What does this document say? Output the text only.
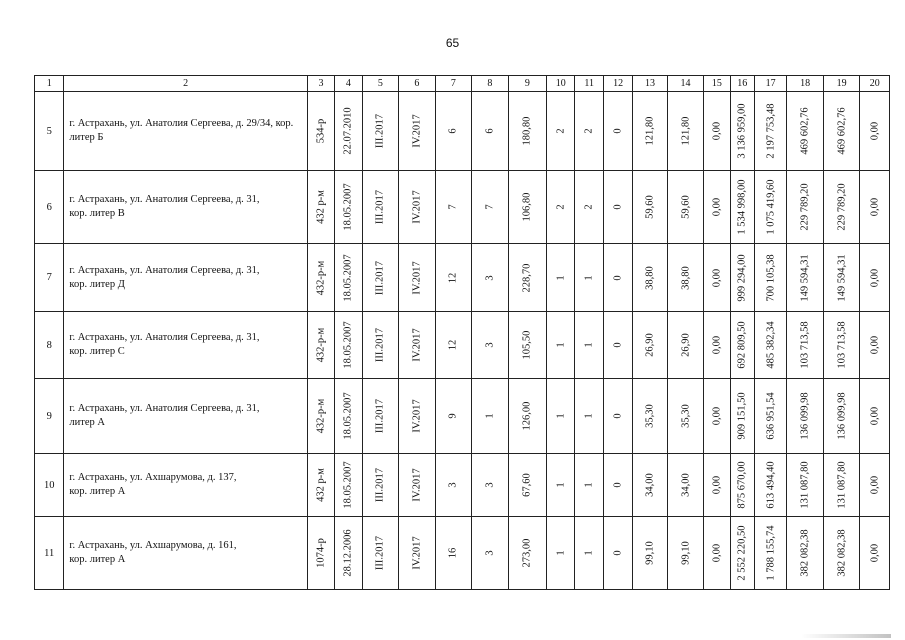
65
1	2	3	4	5	6	7	8	9	10	11	12	13	14	15	16	17	18	19	20
5	г. Астрахань, ул. Анатолия Сергеева, д. 29/34, кор.
литер Б	534-р	22.07.2010	III.2017	IV.2017	6	6	180,80	2	2	0	121,80	121,80	0,00	3 136 959,00	2 197 753,48	469 602,76	469 602,76	0,00

6	г. Астрахань, ул. Анатолия Сергеева, д. 31,
кор. литер В	432 р-м	18.05.2007	III.2017	IV.2017	7	7	106,80	2	2	0	59,60	59,60	0,00	1 534 998,00	1 075 419,60	229 789,20	229 789,20	0,00

7	г. Астрахань, ул. Анатолия Сергеева, д. 31,
кор. литер Д	432-р-м	18.05.2007	III.2017	IV.2017	12	3	228,70	1	1	0	38,80	38,80	0,00	999 294,00	700 105,38	149 594,31	149 594,31	0,00

8	г. Астрахань, ул. Анатолия Сергеева, д. 31,
кор. литер С	432-р-м	18.05.2007	III.2017	IV.2017	12	3	105,50	1	1	0	26,90	26,90	0,00	692 809,50	485 382,34	103 713,58	103 713,58	0,00

9	г. Астрахань, ул. Анатолия Сергеева, д. 31,
литер А	432-р-м	18.05.2007	III.2017	IV.2017	9	1	126,00	1	1	0	35,30	35,30	0,00	909 151,50	636 951,54	136 099,98	136 099,98	0,00

10	г. Астрахань, ул. Ахшарумова, д. 137,
кор. литер А	432 р-м	18.05.2007	III.2017	IV.2017	3	3	67,60	1	1	0	34,00	34,00	0,00	875 670,00	613 494,40	131 087,80	131 087,80	0,00

11	г. Астрахань, ул. Ахшарумова, д. 161,
кор. литер А	1074-р	28.12.2006	III.2017	IV.2017	16	3	273,00	1	1	0	99,10	99,10	0,00	2 552 220,50	1 788 155,74	382 082,38	382 082,38	0,00
